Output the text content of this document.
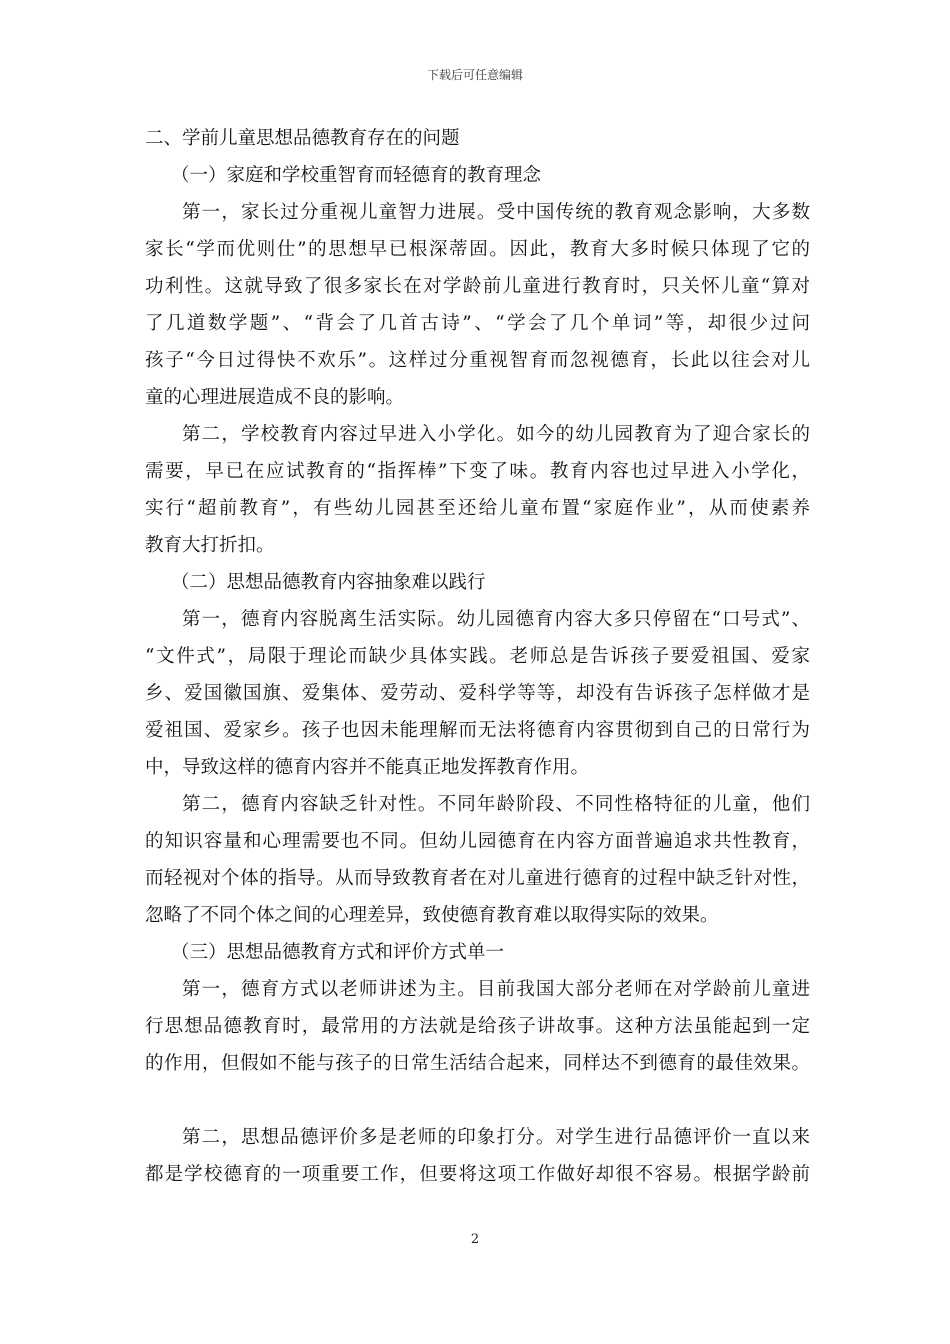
下载后可任意编辑
二、学前儿童思想品德教育存在的问题
（一）家庭和学校重智育而轻德育的教育理念
第一，家长过分重视儿童智力进展。受中国传统的教育观念影响，大多数
家长“学而优则仕”的思想早已根深蒂固。因此，教育大多时候只体现了它的
功利性。这就导致了很多家长在对学龄前儿童进行教育时，只关怀儿童“算对
了几道数学题”、“背会了几首古诗”、“学会了几个单词”等，却很少过问
孩子“今日过得快不欢乐”。这样过分重视智育而忽视德育，长此以往会对儿
童的心理进展造成不良的影响。
第二，学校教育内容过早进入小学化。如今的幼儿园教育为了迎合家长的
需要，早已在应试教育的“指挥棒”下变了味。教育内容也过早进入小学化，
实行“超前教育”，有些幼儿园甚至还给儿童布置“家庭作业”，从而使素养
教育大打折扣。
（二）思想品德教育内容抽象难以践行
第一，德育内容脱离生活实际。幼儿园德育内容大多只停留在“口号式”、
“文件式”，局限于理论而缺少具体实践。老师总是告诉孩子要爱祖国、爱家
乡、爱国徽国旗、爱集体、爱劳动、爱科学等等，却没有告诉孩子怎样做才是
爱祖国、爱家乡。孩子也因未能理解而无法将德育内容贯彻到自己的日常行为
中，导致这样的德育内容并不能真正地发挥教育作用。
第二，德育内容缺乏针对性。不同年龄阶段、不同性格特征的儿童，他们
的知识容量和心理需要也不同。但幼儿园德育在内容方面普遍追求共性教育，
而轻视对个体的指导。从而导致教育者在对儿童进行德育的过程中缺乏针对性，
忽略了不同个体之间的心理差异，致使德育教育难以取得实际的效果。
（三）思想品德教育方式和评价方式单一
第一，德育方式以老师讲述为主。目前我国大部分老师在对学龄前儿童进
行思想品德教育时，最常用的方法就是给孩子讲故事。这种方法虽能起到一定
的作用，但假如不能与孩子的日常生活结合起来，同样达不到德育的最佳效果。
第二，思想品德评价多是老师的印象打分。对学生进行品德评价一直以来
都是学校德育的一项重要工作，但要将这项工作做好却很不容易。根据学龄前
2
